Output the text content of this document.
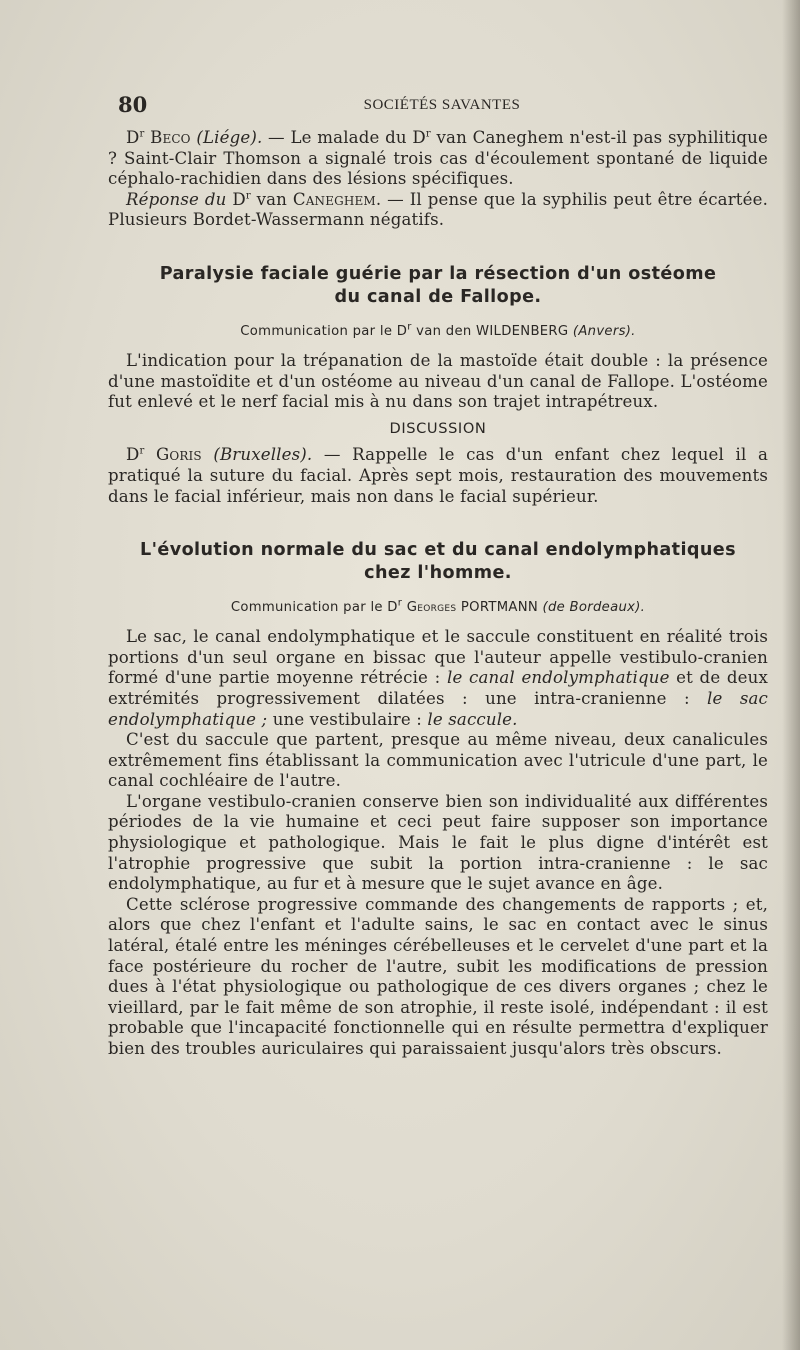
80	SOCIÉTÉS SAVANTES

$D^r$ Beco (Liége). — Le malade du $D^r$ van Caneghem n'est-il pas syphilitique ? Saint-Clair Thomson a signalé trois cas d'écoulement spontané de liquide céphalo-rachidien dans des lésions spécifiques.

Réponse du $D^r$ van Caneghem. — Il pense que la syphilis peut être écartée. Plusieurs Bordet-Wassermann négatifs.

Paralysie faciale guérie par la résection d'un ostéome
du canal de Fallope.
Communication par le $D^r$ van den WILDENBERG (Anvers).

L'indication pour la trépanation de la mastoïde était double : la présence d'une mastoïdite et d'un ostéome au niveau d'un canal de Fallope. L'ostéome fut enlevé et le nerf facial mis à nu dans son trajet intrapétreux.

DISCUSSION

$D^r$ Goris (Bruxelles). — Rappelle le cas d'un enfant chez lequel il a pratiqué la suture du facial. Après sept mois, restauration des mouvements dans le facial inférieur, mais non dans le facial supérieur.

L'évolution normale du sac et du canal endolymphatiques
chez l'homme.
Communication par le $D^r$ Georges PORTMANN (de Bordeaux).

Le sac, le canal endolymphatique et le saccule constituent en réalité trois portions d'un seul organe en bissac que l'auteur appelle vestibulo-cranien formé d'une partie moyenne rétrécie : le canal endolymphatique et de deux extrémités progressivement dilatées : une intra-cranienne : le sac endolymphatique ; une vestibulaire : le saccule.

C'est du saccule que partent, presque au même niveau, deux canalicules extrêmement fins établissant la communication avec l'utricule d'une part, le canal cochléaire de l'autre.

L'organe vestibulo-cranien conserve bien son individualité aux différentes périodes de la vie humaine et ceci peut faire supposer son importance physiologique et pathologique. Mais le fait le plus digne d'intérêt est l'atrophie progressive que subit la portion intra-cranienne : le sac endolymphatique, au fur et à mesure que le sujet avance en âge.

Cette sclérose progressive commande des changements de rapports ; et, alors que chez l'enfant et l'adulte sains, le sac en contact avec le sinus latéral, étalé entre les méninges cérébelleuses et le cervelet d'une part et la face postérieure du rocher de l'autre, subit les modifications de pression dues à l'état physiologique ou pathologique de ces divers organes ; chez le vieillard, par le fait même de son atrophie, il reste isolé, indépendant : il est probable que l'incapacité fonctionnelle qui en résulte permettra d'expliquer bien des troubles auriculaires qui paraissaient jusqu'alors très obscurs.
